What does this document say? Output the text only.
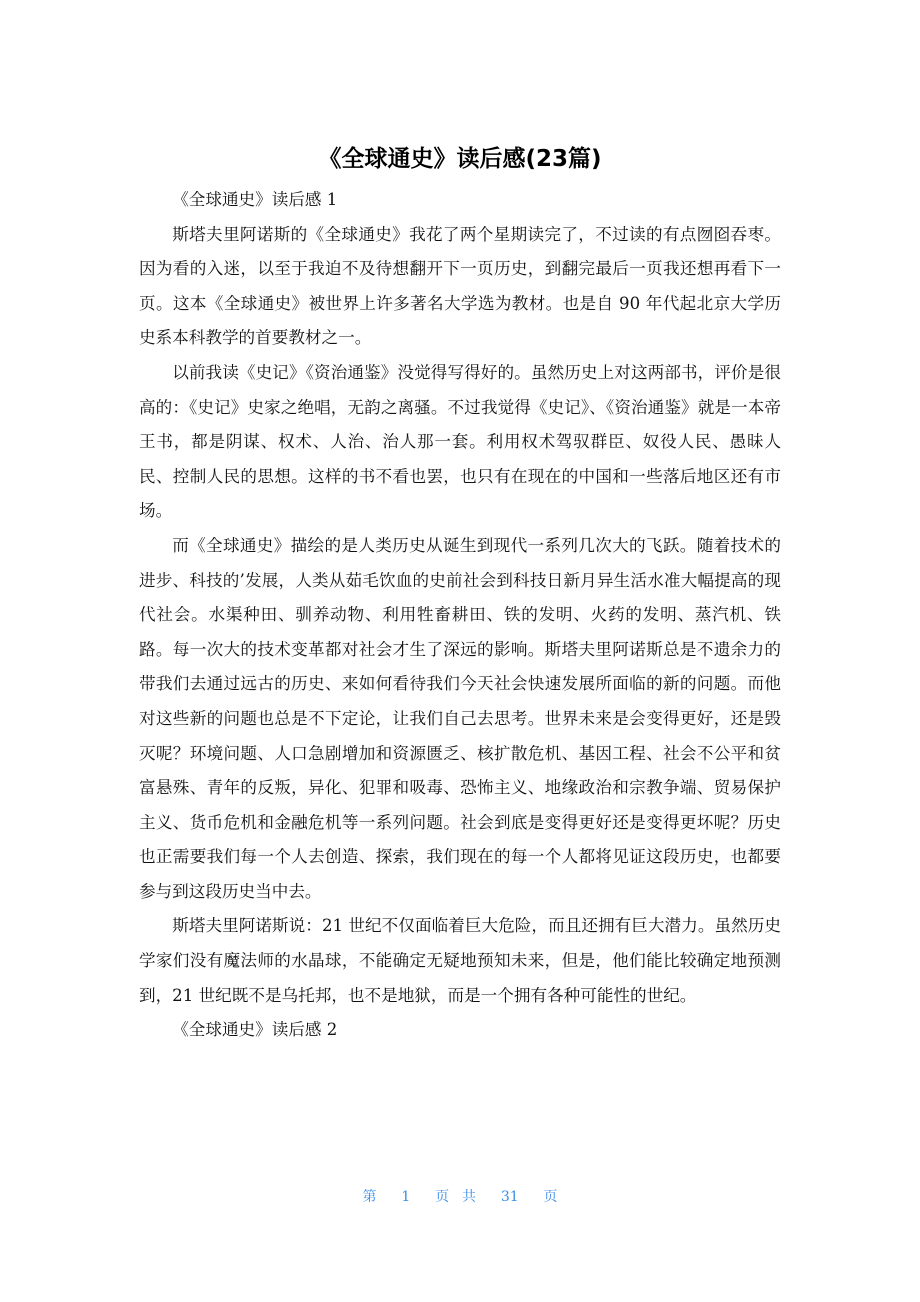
《全球通史》读后感(23篇)

《全球通史》读后感 1

斯塔夫里阿诺斯的《全球通史》我花了两个星期读完了，不过读的有点囫囵吞枣。因为看的入迷，以至于我迫不及待想翻开下一页历史，到翻完最后一页我还想再看下一页。这本《全球通史》被世界上许多著名大学选为教材。也是自 90 年代起北京大学历史系本科教学的首要教材之一。

以前我读《史记》《资治通鉴》没觉得写得好的。虽然历史上对这两部书，评价是很高的：《史记》史家之绝唱，无韵之离骚。不过我觉得《史记》、《资治通鉴》就是一本帝王书，都是阴谋、权术、人治、治人那一套。利用权术驾驭群臣、奴役人民、愚昧人民、控制人民的思想。这样的书不看也罢，也只有在现在的中国和一些落后地区还有市场。

而《全球通史》描绘的是人类历史从诞生到现代一系列几次大的飞跃。随着技术的进步、科技的’发展，人类从茹毛饮血的史前社会到科技日新月异生活水准大幅提高的现代社会。水渠种田、驯养动物、利用牲畜耕田、铁的发明、火药的发明、蒸汽机、铁路。每一次大的技术变革都对社会才生了深远的影响。斯塔夫里阿诺斯总是不遗余力的带我们去通过远古的历史、来如何看待我们今天社会快速发展所面临的新的问题。而他对这些新的问题也总是不下定论，让我们自己去思考。世界未来是会变得更好，还是毁灭呢？环境问题、人口急剧增加和资源匮乏、核扩散危机、基因工程、社会不公平和贫富悬殊、青年的反叛，异化、犯罪和吸毒、恐怖主义、地缘政治和宗教争端、贸易保护主义、货币危机和金融危机等一系列问题。社会到底是变得更好还是变得更坏呢？历史也正需要我们每一个人去创造、探索，我们现在的每一个人都将见证这段历史，也都要参与到这段历史当中去。

斯塔夫里阿诺斯说：21 世纪不仅面临着巨大危险，而且还拥有巨大潜力。虽然历史学家们没有魔法师的水晶球，不能确定无疑地预知未来，但是，他们能比较确定地预测到，21 世纪既不是乌托邦，也不是地狱，而是一个拥有各种可能性的世纪。

《全球通史》读后感 2

第 1 页 共 31 页
